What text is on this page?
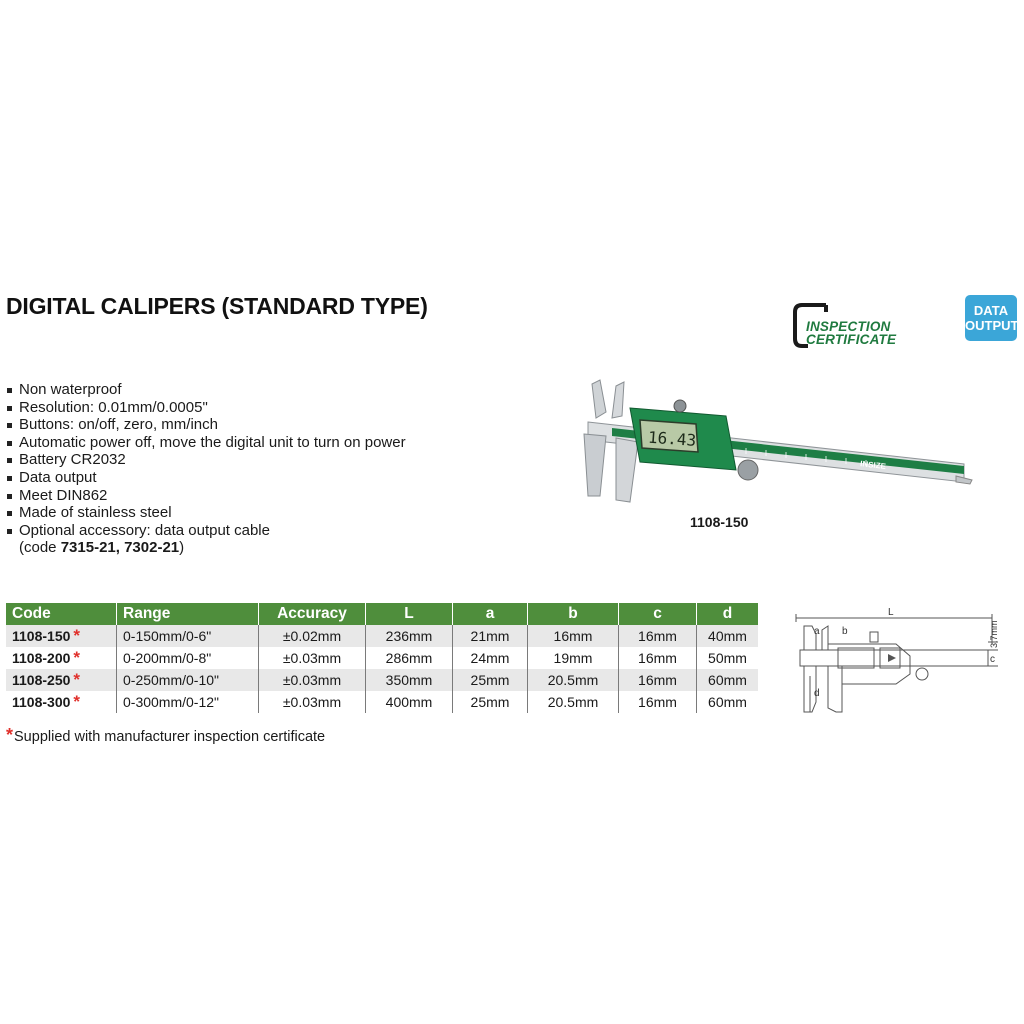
DIGITAL CALIPERS (STANDARD TYPE)
INSPECTION
CERTIFICATE
DATA
OUTPUT
Non waterproof
Resolution: 0.01mm/0.0005"
Buttons: on/off, zero, mm/inch
Automatic power off, move the digital unit to turn on power
Battery CR2032
Data output
Meet DIN862
Made of stainless steel
Optional accessory: data output cable
(code 7315-21, 7302-21)
16.43
INSIZE
1108-150
Code	Range	Accuracy	L	a	b	c	d
1108-150 *	0-150mm/0-6"	±0.02mm	236mm	21mm	16mm	16mm	40mm
1108-200 *	0-200mm/0-8"	±0.03mm	286mm	24mm	19mm	16mm	50mm
1108-250 *	0-250mm/0-10"	±0.03mm	350mm	25mm	20.5mm	16mm	60mm
1108-300 *	0-300mm/0-12"	±0.03mm	400mm	25mm	20.5mm	16mm	60mm
*Supplied with manufacturer inspection certificate
L
a b
c
d
3.7mm
